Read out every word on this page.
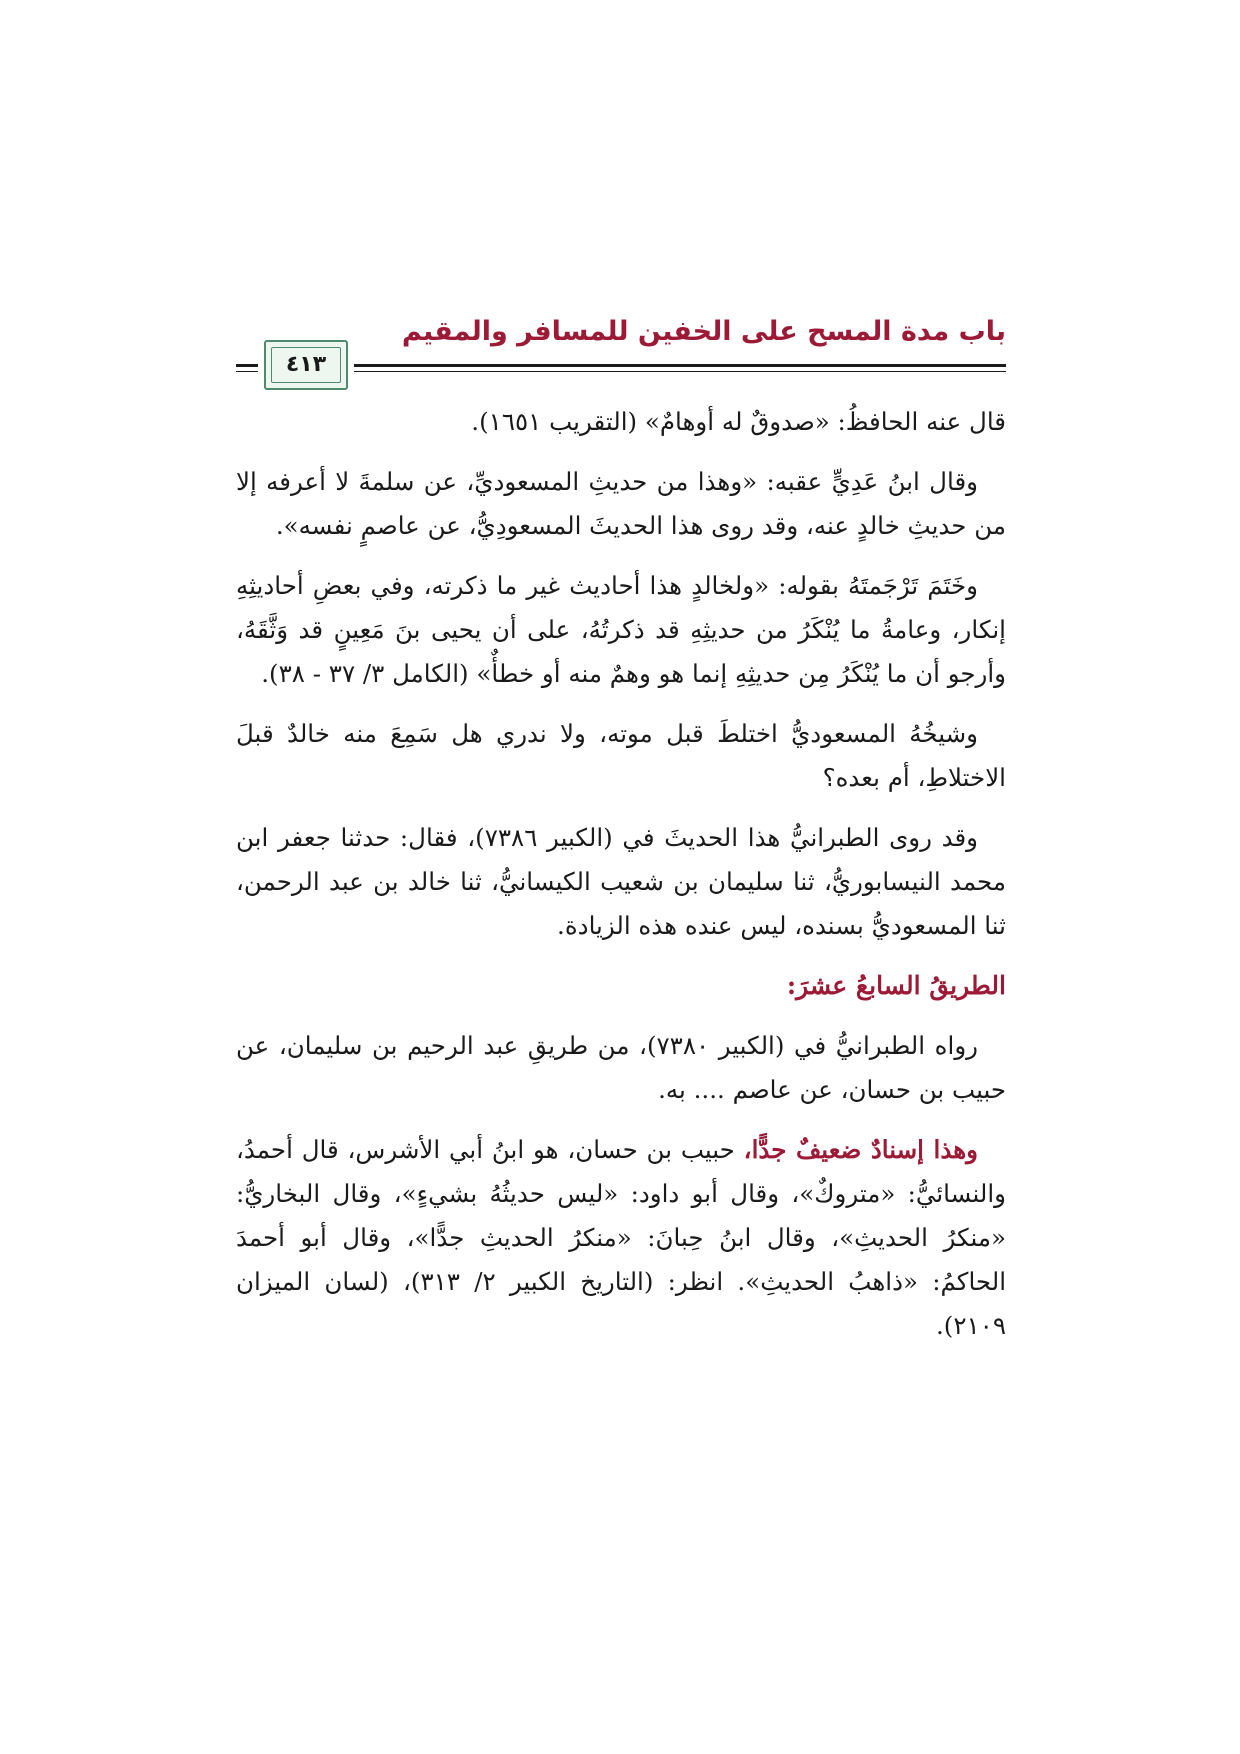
باب مدة المسح على الخفين للمسافر والمقيم
٤١٣

قال عنه الحافظُ: «صدوقٌ له أوهامٌ» (التقريب ١٦٥١).

وقال ابنُ عَدِيٍّ عقبه: «وهذا من حديثِ المسعوديِّ، عن سلمةَ لا أعرفه إلا من حديثِ خالدٍ عنه، وقد روى هذا الحديثَ المسعودِيُّ، عن عاصمٍ نفسه».

وخَتَمَ تَرْجَمتَهُ بقوله: «ولخالدٍ هذا أحاديث غير ما ذكرته، وفي بعضِ أحاديثِهِ إنكار، وعامةُ ما يُنْكَرُ من حديثِهِ قد ذكرتُهُ، على أن يحيى بنَ مَعِينٍ قد وَثَّقَهُ، وأرجو أن ما يُنْكَرُ مِن حديثِهِ إنما هو وهمٌ منه أو خطأٌ» (الكامل ٣/ ٣٧ - ٣٨).

وشيخُهُ المسعوديُّ اختلطَ قبل موته، ولا ندري هل سَمِعَ منه خالدٌ قبلَ الاختلاطِ، أم بعده؟

وقد روى الطبرانيُّ هذا الحديثَ في (الكبير ٧٣٨٦)، فقال: حدثنا جعفر ابن محمد النيسابوريُّ، ثنا سليمان بن شعيب الكيسانيُّ، ثنا خالد بن عبد الرحمن، ثنا المسعوديُّ بسنده، ليس عنده هذه الزيادة.

الطريقُ السابعُ عشرَ:

رواه الطبرانيُّ في (الكبير ٧٣٨٠)، من طريقِ عبد الرحيم بن سليمان، عن حبيب بن حسان، عن عاصم .... به.

وهذا إسنادٌ ضعيفٌ جدًّا، حبيب بن حسان، هو ابنُ أبي الأشرس، قال أحمدُ، والنسائيُّ: «متروكٌ»، وقال أبو داود: «ليس حديثُهُ بشيءٍ»، وقال البخاريُّ: «منكرُ الحديثِ»، وقال ابنُ حِبانَ: «منكرُ الحديثِ جدًّا»، وقال أبو أحمدَ الحاكمُ: «ذاهبُ الحديثِ». انظر: (التاريخ الكبير ٢/ ٣١٣)، (لسان الميزان ٢١٠٩).
